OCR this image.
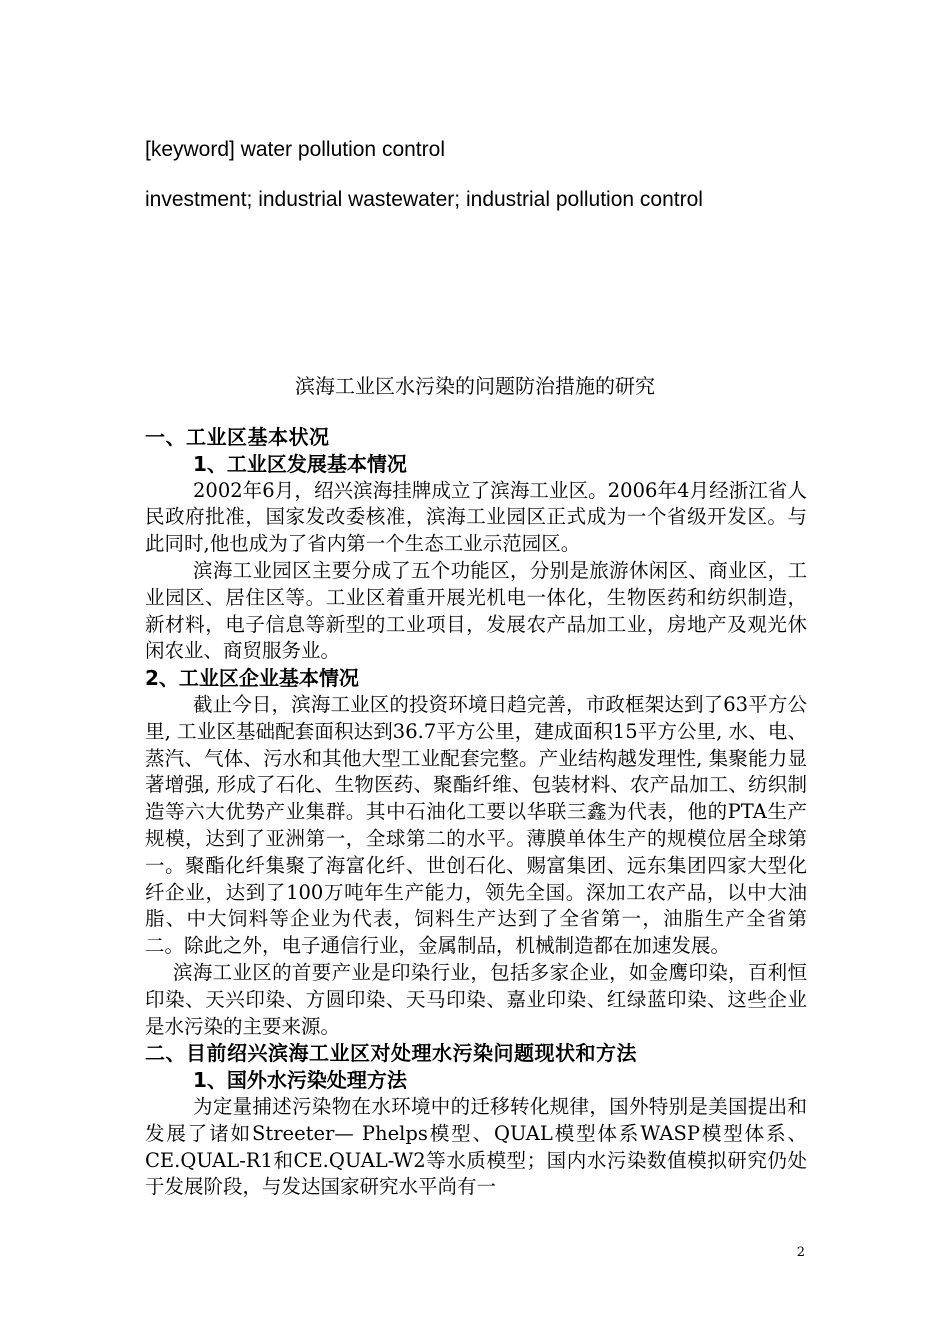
[keyword] water pollution control
investment; industrial wastewater; industrial pollution control
滨海工业区水污染的问题防治措施的研究

一、工业区基本状况

1、工业区发展基本情况

2002年6月，绍兴滨海挂牌成立了滨海工业区。2006年4月经浙江省人民政府批准，国家发改委核准，滨海工业园区正式成为一个省级开发区。与此同时,他也成为了省内第一个生态工业示范园区。

滨海工业园区主要分成了五个功能区，分别是旅游休闲区、商业区，工业园区、居住区等。工业区着重开展光机电一体化，生物医药和纺织制造，新材料，电子信息等新型的工业项目，发展农产品加工业，房地产及观光休闲农业、商贸服务业。

2、工业区企业基本情况

截止今日，滨海工业区的投资环境日趋完善，市政框架达到了63平方公里, 工业区基础配套面积达到36.7平方公里，建成面积15平方公里, 水、电、蒸汽、气体、污水和其他大型工业配套完整。产业结构越发理性, 集聚能力显著增强, 形成了石化、生物医药、聚酯纤维、包装材料、农产品加工、纺织制造等六大优势产业集群。其中石油化工要以华联三鑫为代表，他的PTA生产规模，达到了亚洲第一，全球第二的水平。薄膜单体生产的规模位居全球第一。聚酯化纤集聚了海富化纤、世创石化、赐富集团、远东集团四家大型化纤企业，达到了100万吨年生产能力，领先全国。深加工农产品，以中大油脂、中大饲料等企业为代表，饲料生产达到了全省第一，油脂生产全省第二。除此之外，电子通信行业，金属制品，机械制造都在加速发展。

滨海工业区的首要产业是印染行业，包括多家企业，如金鹰印染，百利恒印染、天兴印染、方圆印染、天马印染、嘉业印染、红绿蓝印染、这些企业是水污染的主要来源。

二、目前绍兴滨海工业区对处理水污染问题现状和方法

1、国外水污染处理方法

为定量捕述污染物在水环境中的迁移转化规律，国外特别是美国提出和发展了诸如Streeter— Phelps模型、QUAL模型体系WASP模型体系、CE.QUAL-R1和CE.QUAL-W2等水质模型；国内水污染数值模拟研究仍处于发展阶段，与发达国家研究水平尚有一

2
